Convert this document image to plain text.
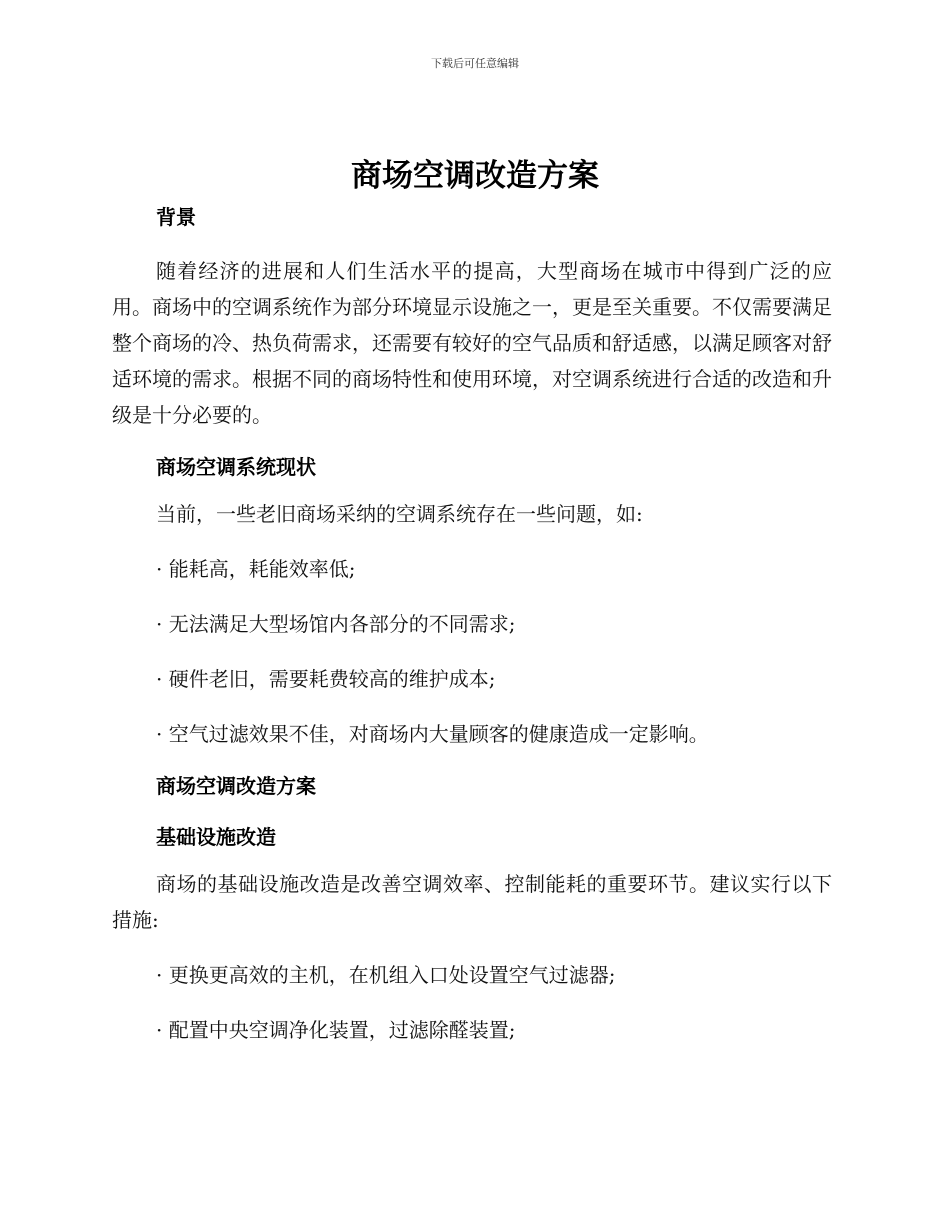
下载后可任意编辑
商场空调改造方案
背景

随着经济的进展和人们生活水平的提高，大型商场在城市中得到广泛的应用。商场中的空调系统作为部分环境显示设施之一，更是至关重要。不仅需要满足整个商场的冷、热负荷需求，还需要有较好的空气品质和舒适感，以满足顾客对舒适环境的需求。根据不同的商场特性和使用环境，对空调系统进行合适的改造和升级是十分必要的。

商场空调系统现状

当前，一些老旧商场采纳的空调系统存在一些问题，如:

· 能耗高，耗能效率低;
· 无法满足大型场馆内各部分的不同需求;
· 硬件老旧，需要耗费较高的维护成本;
· 空气过滤效果不佳，对商场内大量顾客的健康造成一定影响。
商场空调改造方案
基础设施改造

商场的基础设施改造是改善空调效率、控制能耗的重要环节。建议实行以下措施:

· 更换更高效的主机，在机组入口处设置空气过滤器;
· 配置中央空调净化装置，过滤除醛装置;
